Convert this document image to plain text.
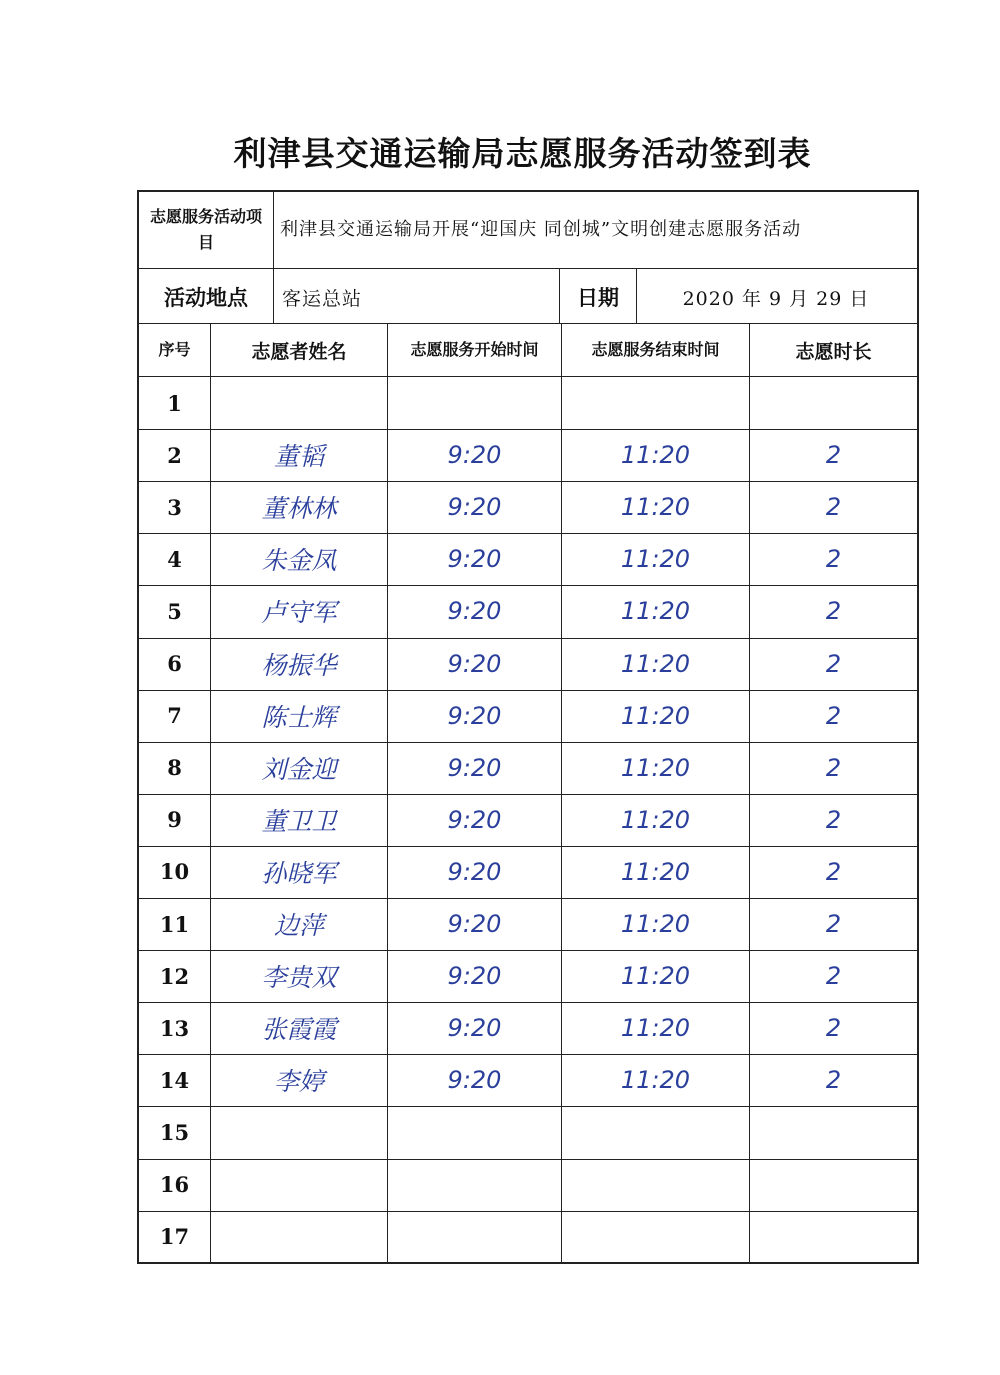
利津县交通运输局志愿服务活动签到表
志愿服务活动项目
利津县交通运输局开展“迎国庆 同创城”文明创建志愿服务活动
活动地点	客运总站	日期	2020 年 9 月 29 日
序号	志愿者姓名	志愿服务开始时间	志愿服务结束时间	志愿时长
1
2	董韬	9:20	11:20	2
3	董林林	9:20	11:20	2
4	朱金凤	9:20	11:20	2
5	卢守军	9:20	11:20	2
6	杨振华	9:20	11:20	2
7	陈士辉	9:20	11:20	2
8	刘金迎	9:20	11:20	2
9	董卫卫	9:20	11:20	2
10	孙晓军	9:20	11:20	2
11	边萍	9:20	11:20	2
12	李贵双	9:20	11:20	2
13	张霞霞	9:20	11:20	2
14	李婷	9:20	11:20	2
15
16
17
